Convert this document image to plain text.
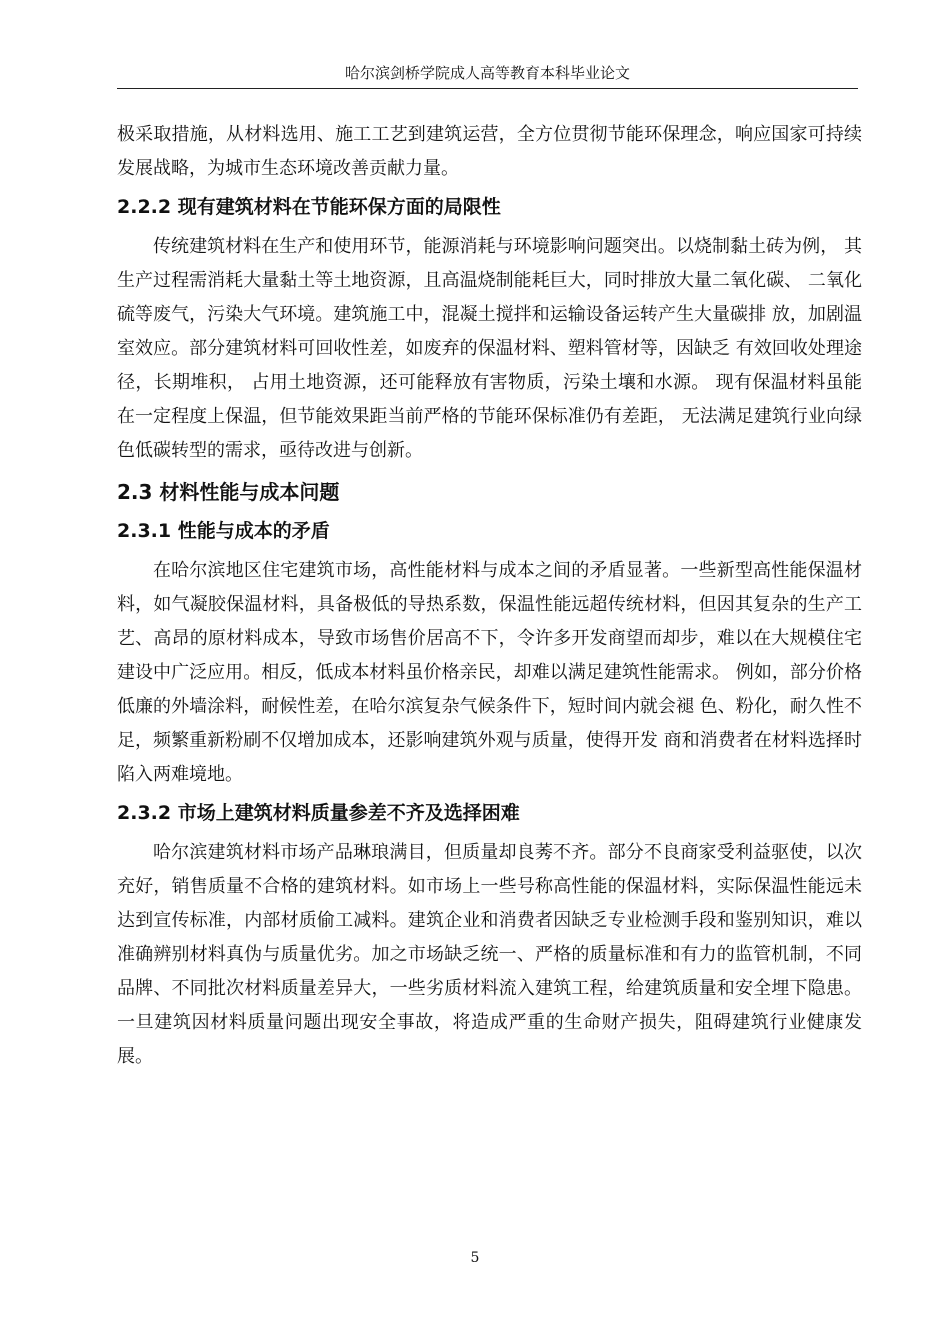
哈尔滨剑桥学院成人高等教育本科毕业论文

极采取措施，从材料选用、施工工艺到建筑运营，全方位贯彻节能环保理念，响应国家可持续发展战略，为城市生态环境改善贡献力量。

2.2.2 现有建筑材料在节能环保方面的局限性

传统建筑材料在生产和使用环节，能源消耗与环境影响问题突出。以烧制黏土砖为例， 其生产过程需消耗大量黏土等土地资源，且高温烧制能耗巨大，同时排放大量二氧化碳、 二氧化硫等废气，污染大气环境。建筑施工中，混凝土搅拌和运输设备运转产生大量碳排 放，加剧温室效应。部分建筑材料可回收性差，如废弃的保温材料、塑料管材等，因缺乏 有效回收处理途径，长期堆积， 占用土地资源，还可能释放有害物质，污染土壤和水源。 现有保温材料虽能在一定程度上保温，但节能效果距当前严格的节能环保标准仍有差距， 无法满足建筑行业向绿色低碳转型的需求，亟待改进与创新。

2.3 材料性能与成本问题
2.3.1 性能与成本的矛盾

在哈尔滨地区住宅建筑市场，高性能材料与成本之间的矛盾显著。一些新型高性能保温材料，如气凝胶保温材料，具备极低的导热系数，保温性能远超传统材料，但因其复杂的生产工艺、高昂的原材料成本，导致市场售价居高不下，令许多开发商望而却步，难以在大规模住宅建设中广泛应用。相反，低成本材料虽价格亲民，却难以满足建筑性能需求。 例如，部分价格低廉的外墙涂料，耐候性差，在哈尔滨复杂气候条件下，短时间内就会褪 色、粉化，耐久性不足，频繁重新粉刷不仅增加成本，还影响建筑外观与质量，使得开发 商和消费者在材料选择时陷入两难境地。

2.3.2 市场上建筑材料质量参差不齐及选择困难

哈尔滨建筑材料市场产品琳琅满目，但质量却良莠不齐。部分不良商家受利益驱使，以次充好，销售质量不合格的建筑材料。如市场上一些号称高性能的保温材料，实际保温性能远未达到宣传标准，内部材质偷工减料。建筑企业和消费者因缺乏专业检测手段和鉴别知识，难以准确辨别材料真伪与质量优劣。加之市场缺乏统一、严格的质量标准和有力的监管机制，不同品牌、不同批次材料质量差异大，一些劣质材料流入建筑工程，给建筑质量和安全埋下隐患。一旦建筑因材料质量问题出现安全事故，将造成严重的生命财产损失，阻碍建筑行业健康发展。

5
